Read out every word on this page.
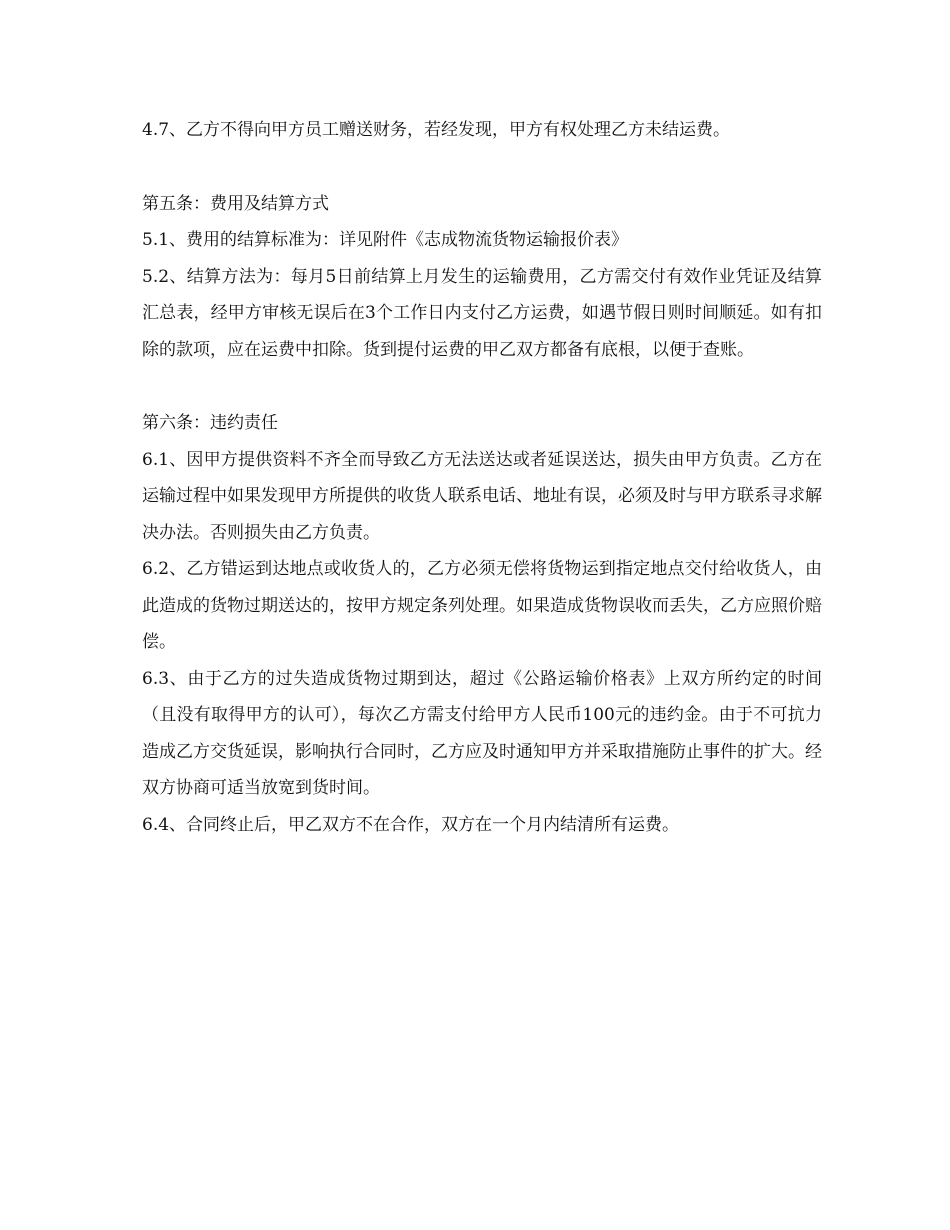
4.7、乙方不得向甲方员工赠送财务，若经发现，甲方有权处理乙方未结运费。

第五条：费用及结算方式

5.1、费用的结算标准为：详见附件《志成物流货物运输报价表》

5.2、结算方法为：每月5日前结算上月发生的运输费用，乙方需交付有效作业凭证及结算汇总表，经甲方审核无误后在3个工作日内支付乙方运费，如遇节假日则时间顺延。如有扣除的款项，应在运费中扣除。货到提付运费的甲乙双方都备有底根，以便于查账。

第六条：违约责任

6.1、因甲方提供资料不齐全而导致乙方无法送达或者延误送达，损失由甲方负责。乙方在运输过程中如果发现甲方所提供的收货人联系电话、地址有误，必须及时与甲方联系寻求解决办法。否则损失由乙方负责。

6.2、乙方错运到达地点或收货人的，乙方必须无偿将货物运到指定地点交付给收货人，由此造成的货物过期送达的，按甲方规定条列处理。如果造成货物误收而丢失，乙方应照价赔偿。

6.3、由于乙方的过失造成货物过期到达，超过《公路运输价格表》上双方所约定的时间（且没有取得甲方的认可），每次乙方需支付给甲方人民币100元的违约金。由于不可抗力造成乙方交货延误，影响执行合同时，乙方应及时通知甲方并采取措施防止事件的扩大。经双方协商可适当放宽到货时间。

6.4、合同终止后，甲乙双方不在合作，双方在一个月内结清所有运费。
